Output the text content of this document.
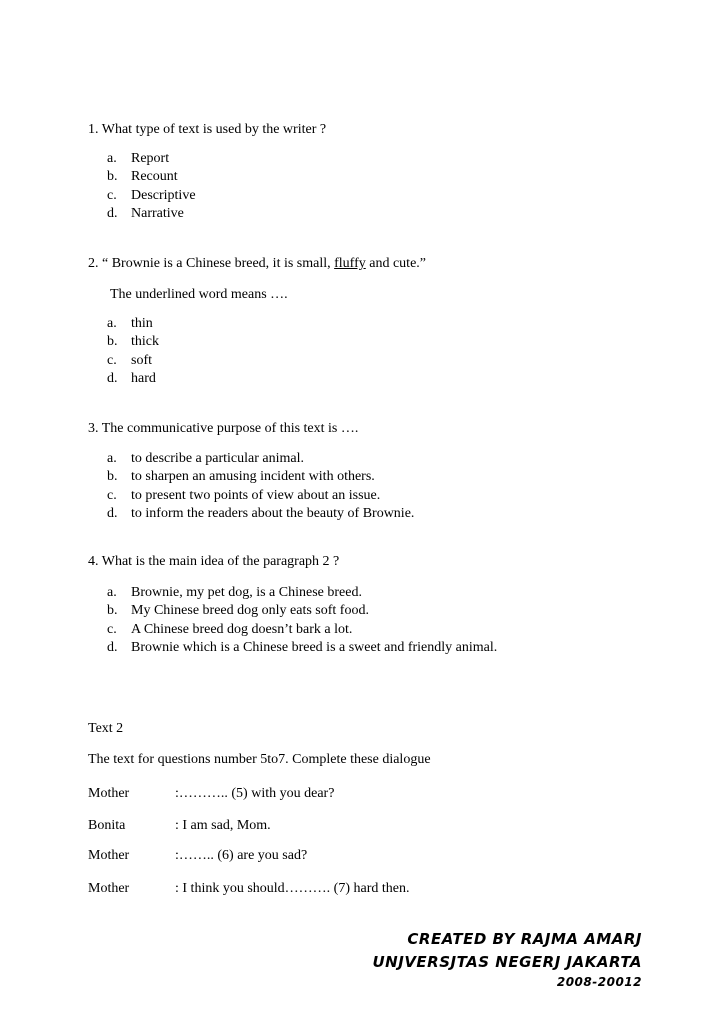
1. What type of text is used by the writer ?
a. Report
b. Recount
c. Descriptive
d. Narrative
2. “ Brownie is a Chinese breed, it is small, fluffy and cute.”
The underlined word means ….
a. thin
b. thick
c. soft
d. hard
3. The communicative purpose of this text is ….
a. to describe a particular animal.
b. to sharpen an amusing incident with others.
c. to present two points of view about an issue.
d. to inform the readers about the beauty of Brownie.
4. What is the main idea of the paragraph 2 ?
a. Brownie, my pet dog, is a Chinese breed.
b. My Chinese breed dog only eats soft food.
c. A Chinese breed dog doesn’t bark a lot.
d. Brownie which is a Chinese breed is a sweet and friendly animal.
Text 2
The text for questions number 5to7. Complete these dialogue
Mother	:……….. (5) with you dear?
Bonita	: I am sad, Mom.
Mother	:…….. (6) are you sad?
Mother	: I think you should………. (7) hard then.
CREATED BY RAJMA AMARJ
UNJVERSJTAS NEGERJ JAKARTA
2008-20012
